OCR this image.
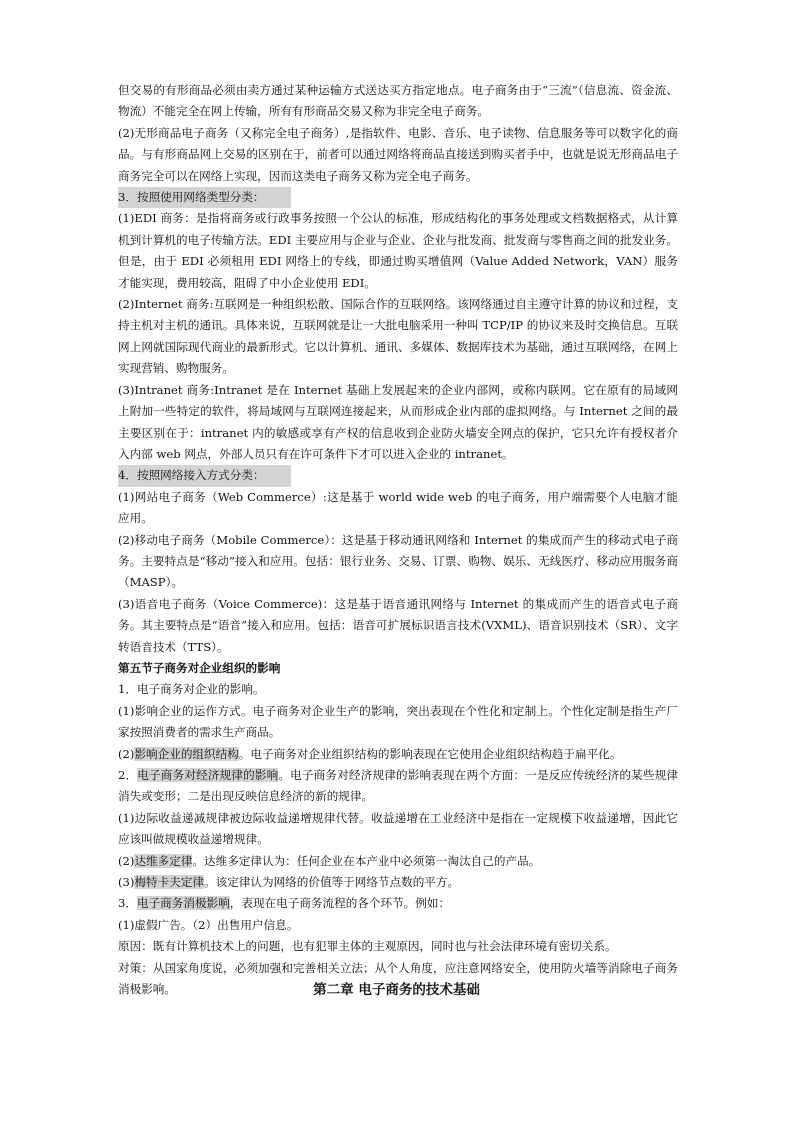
但交易的有形商品必须由卖方通过某种运输方式送达买方指定地点。电子商务由于“三流”（信息流、资金流、物流）不能完全在网上传输，所有有形商品交易又称为非完全电子商务。

(2)无形商品电子商务（又称完全电子商务）,是指软件、电影、音乐、电子读物、信息服务等可以数字化的商品。与有形商品网上交易的区别在于，前者可以通过网络将商品直接送到购买者手中，也就是说无形商品电子商务完全可以在网络上实现，因而这类电子商务又称为完全电子商务。

3．按照使用网络类型分类：

(1)EDI 商务：是指将商务或行政事务按照一个公认的标准，形成结构化的事务处理或文档数据格式，从计算机到计算机的电子传输方法。EDI 主要应用与企业与企业、企业与批发商、批发商与零售商之间的批发业务。但是，由于 EDI 必须租用 EDI 网络上的专线，即通过购买增值网（Value Added Network，VAN）服务才能实现，费用较高，阻碍了中小企业使用 EDI。

(2)Internet 商务:互联网是一种组织松散、国际合作的互联网络。该网络通过自主遵守计算的协议和过程，支持主机对主机的通讯。具体来说，互联网就是让一大批电脑采用一种叫 TCP/IP 的协议来及时交换信息。互联网上网就国际现代商业的最新形式。它以计算机、通讯、多媒体、数据库技术为基础，通过互联网络，在网上实现营销、购物服务。

(3)Intranet 商务:Intranet 是在 Internet 基础上发展起来的企业内部网，或称内联网。它在原有的局域网上附加一些特定的软件，将局域网与互联网连接起来，从而形成企业内部的虚拟网络。与 Internet 之间的最主要区别在于：intranet 内的敏感或享有产权的信息收到企业防火墙安全网点的保护，它只允许有授权者介入内部 web 网点，外部人员只有在许可条件下才可以进入企业的 intranet。

4．按照网络接入方式分类：

(1)网站电子商务（Web Commerce）:这是基于 world wide web 的电子商务，用户端需要个人电脑才能应用。

(2)移动电子商务（Mobile Commerce）：这是基于移动通讯网络和 Internet 的集成而产生的移动式电子商务。主要特点是“移动”接入和应用。包括：银行业务、交易、订票、购物、娱乐、无线医疗、移动应用服务商（MASP）。

(3)语音电子商务（Voice Commerce)：这是基于语音通讯网络与 Internet 的集成而产生的语音式电子商务。其主要特点是“语音”接入和应用。包括：语音可扩展标识语言技术(VXML)、语音识别技术（SR）、文字转语音技术（TTS）。

第五节子商务对企业组织的影响

1．电子商务对企业的影响。

(1)影响企业的运作方式。电子商务对企业生产的影响，突出表现在个性化和定制上。个性化定制是指生产厂家按照消费者的需求生产商品。

(2)影响企业的组织结构。电子商务对企业组织结构的影响表现在它使用企业组织结构趋于扁平化。

2．电子商务对经济规律的影响。电子商务对经济规律的影响表现在两个方面：一是反应传统经济的某些规律消失或变形；二是出现反映信息经济的新的规律。

(1)边际收益递减规律被边际收益递增规律代替。收益递增在工业经济中是指在一定规模下收益递增，因此它应该叫做规模收益递增规律。

(2)达维多定律。达维多定律认为：任何企业在本产业中必须第一淘汰自己的产品。

(3)梅特卡夫定律。该定律认为网络的价值等于网络节点数的平方。

3．电子商务消极影响，表现在电子商务流程的各个环节。例如：

(1)虚假广告。（2）出售用户信息。

原因：既有计算机技术上的问题，也有犯罪主体的主观原因，同时也与社会法律环境有密切关系。

对策：从国家角度说，必须加强和完善相关立法；从个人角度，应注意网络安全，使用防火墙等消除电子商务消极影响。	第二章 电子商务的技术基础
